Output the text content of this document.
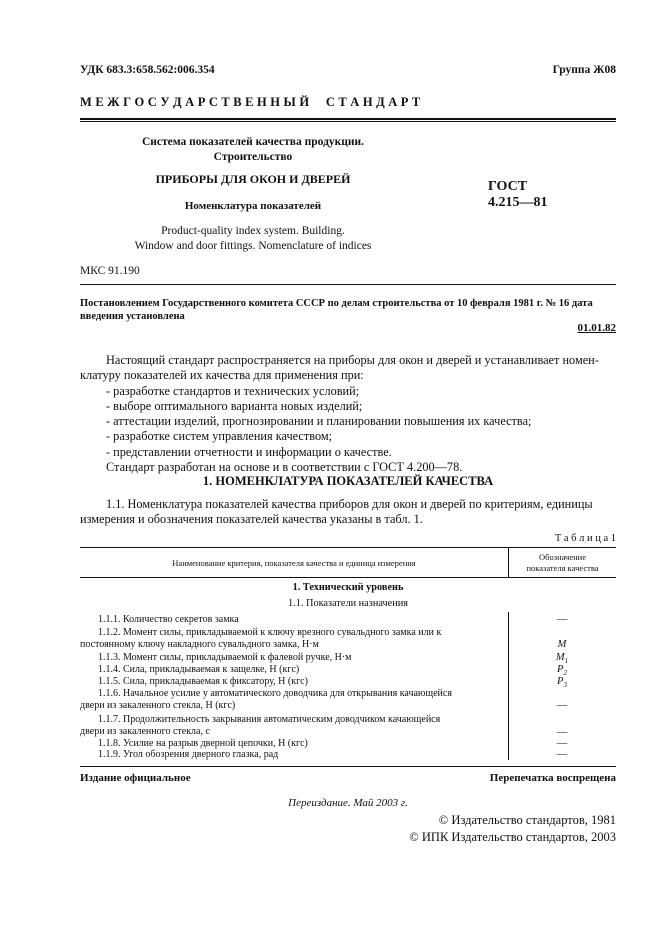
УДК 683.3:658.562:006.354	Группа Ж08
М Е Ж Г О С У Д А Р С Т В Е Н Н Ы Й     С Т А Н Д А Р Т
Система показателей качества продукции.
Строительство
ПРИБОРЫ ДЛЯ ОКОН И ДВЕРЕЙ
Номенклатура показателей
Product-quality index system. Building.
Window and door fittings. Nomenclature of indices
ГОСТ
4.215—81
МКС 91.190
Постановлением Государственного комитета СССР по делам строительства от 10 февраля 1981 г. № 16 дата
введения установлена
01.01.82
Настоящий стандарт распространяется на приборы для окон и дверей и устанавливает номен-
клатуру показателей их качества для применения при:
- разработке стандартов и технических условий;
- выборе оптимального варианта новых изделий;
- аттестации изделий, прогнозировании и планировании повышения их качества;
- разработке систем управления качеством;
- представлении отчетности и информации о качестве.
Стандарт разработан на основе и в соответствии с ГОСТ 4.200—78.
1. НОМЕНКЛАТУРА ПОКАЗАТЕЛЕЙ КАЧЕСТВА
1.1. Номенклатура показателей качества приборов для окон и дверей по критериям, единицы
измерения и обозначения показателей качества указаны в табл. 1.
Т а б л и ц а 1
Наименование критерия, показателя качества и единица измерения
Обозначение
показателя качества
1. Технический уровень
1.1. Показатели назначения
1.1.1. Количество секретов замка	—
1.1.2. Момент силы, прикладываемой к ключу врезного сувальдного замка или к
постоянному ключу накладного сувальдного замка, Н·м	M
1.1.3. Момент силы, прикладываемой к фалевой ручке, Н·м	$M_1$
1.1.4. Сила, прикладываемая к защелке, Н (кгс)	$P_2$
1.1.5. Сила, прикладываемая к фиксатору, Н (кгс)	$P_3$
1.1.6. Начальное усилие у автоматического доводчика для открывания качающейся
двери из закаленного стекла, Н (кгс)	—
1.1.7. Продолжительность закрывания автоматическим доводчиком качающейся
двери из закаленного стекла, с	—
1.1.8. Усилие на разрыв дверной цепочки, Н (кгс)	—
1.1.9. Угол обозрения дверного глазка, рад	—
Издание официальное	Перепечатка воспрещена
Переиздание. Май 2003 г.
© Издательство стандартов, 1981
© ИПК Издательство стандартов, 2003
